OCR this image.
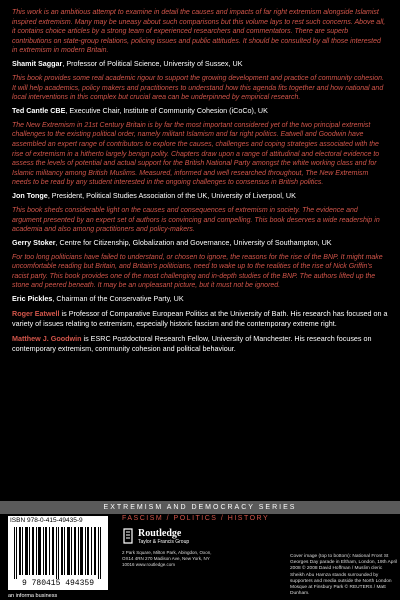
This work is an ambitious attempt to examine in detail the causes and impacts of far right extremism alongside Islamist inspired extremism. Many may be uneasy about such comparisons but this volume lays to rest such concerns. Above all, it contains choice articles by a strong team of experienced researchers and commentators. There are superb contributions on state-group relations, policing issues and public attitudes. It should be consulted by all those interested in extremism in modern Britain.

Shamit Saggar, Professor of Political Science, University of Sussex, UK

This book provides some real academic rigour to support the growing development and practice of community cohesion. It will help academics, policy makers and practitioners to understand how this agenda fits together and how national and local interventions in this complex but crucial area can be underpinned by empirical research.

Ted Cantle CBE, Executive Chair, Institute of Community Cohesion (iCoCo), UK

The New Extremism in 21st Century Britain is by far the most important considered yet of the two principal extremist challenges to the existing political order, namely militant Islamism and far right politics. Eatwell and Goodwin have assembled an expert range of contributors to explore the causes, challenges and coping strategies associated with the rise of extremism in a hitherto largely benign polity. Chapters draw upon a range of attitudinal and electoral evidence to assess the levels of potential and actual support for the British National Party amongst the white working class and for Islamic militancy among British Muslims. Measured, informed and well researched throughout, The New Extremism needs to be read by any student interested in the ongoing challenges to consensus in British politics.

Jon Tonge, President, Political Studies Association of the UK, University of Liverpool, UK

This book sheds considerable light on the causes and consequences of extremism in society. The evidence and argument presented by an expert set of authors is convincing and compelling. This book deserves a wide readership in academia and also among practitioners and policy-makers.

Gerry Stoker, Centre for Citizenship, Globalization and Governance, University of Southampton, UK

For too long politicians have failed to understand, or chosen to ignore, the reasons for the rise of the BNP. It might make uncomfortable reading but Britain, and Britain's politicians, need to wake up to the realities of the rise of Nick Griffin's racist party. This book provides one of the most challenging and in-depth studies of the BNP. The authors lifted up the stone and peered beneath. It may be an unpleasant picture, but it must not be ignored.

Eric Pickles, Chairman of the Conservative Party, UK

Roger Eatwell is Professor of Comparative European Politics at the University of Bath. His research has focused on a variety of issues relating to extremism, especially historic fascism and the contemporary extreme right.

Matthew J. Goodwin is ESRC Postdoctoral Research Fellow, University of Manchester. His research focuses on contemporary extremism, community cohesion and political behaviour.

EXTREMISM AND DEMOCRACY SERIES
ISBN 978-0-415-49435-9
9 780415 494359
an informa business
FASCISM / POLITICS / HISTORY
Routledge
Taylor & Francis Group
2 Park Square, Milton Park, Abingdon, Oxon, OX14 4RN 270 Madison Ave, New York, NY 10016 www.routledge.com
Cover image (top to bottom): National Front St Georges Day parade in Eltham, London, 19th April 2008 © 2008 David Hoffman / Muslim cleric Sheikh Abu Hamza stands surrounded by supporters and media outside the North London Mosque at Finsbury Park © REUTERS / Matt Dunham.
